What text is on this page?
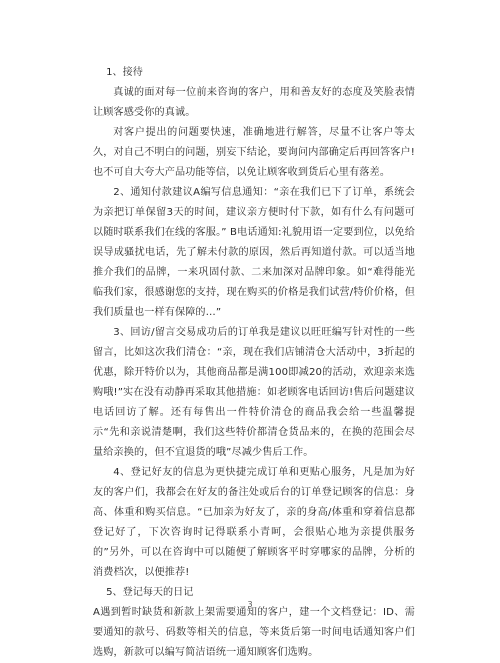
1、接待

真诚的面对每一位前来咨询的客户，用和善友好的态度及笑脸表情让顾客感受你的真诚。

对客户提出的问题要快速，准确地进行解答，尽量不让客户等太久，对自己不明白的问题，别妄下结论，要询问内部确定后再回答客户!也不可自大夸大产品功能等信，以免让顾客收到货后心里有落差。

2、通知付款建议A编写信息通知：“亲在我们已下了订单，系统会为亲把订单保留3天的时间，建议亲方便时付下款，如有什么有问题可以随时联系我们在线的客服。” B电话通知:礼貌用语一定要到位，以免给误导成骚扰电话，先了解未付款的原因，然后再知道付款。可以适当地推介我们的品牌，一来巩固付款、二来加深对品牌印象。如“难得能光临我们家，很感谢您的支持，现在购买的价格是我们试营/特价价格，但我们质量也一样有保障的…”

3、回访/留言交易成功后的订单我是建议以旺旺编写针对性的一些留言，比如这次我们清仓：“亲，现在我们店铺清仓大活动中，3折起的优惠，除开特价以为，其他商品都是满100即减20的活动，欢迎亲来选购哦!”实在没有动静再采取其他措施：如老顾客电话回访!售后问题建议电话回访了解。还有每售出一件特价清仓的商品我会给一些温馨提示“先和亲说清楚啊，我们这些特价都清仓货品来的，在换的范围会尽量给亲换的，但不宜退货的哦”尽减少售后工作。

4、登记好友的信息为更快捷完成订单和更贴心服务，凡是加为好友的客户们，我都会在好友的备注处或后台的订单登记顾客的信息：身高、体重和购买信息。“已加亲为好友了，亲的身高/体重和穿着信息都登记好了，下次咨询时记得联系小青呵，会很贴心地为亲提供服务的”另外，可以在咨询中可以随便了解顾客平时穿哪家的品牌，分析的消费档次，以便推荐!

5、登记每天的日记

A遇到暂时缺货和新款上架需要通知的客户，建一个文档登记：ID、需要通知的款号、码数等相关的信息，等来货后第一时间电话通知客户们选购，新款可以编写简洁语统一通知顾客们选购。

3
